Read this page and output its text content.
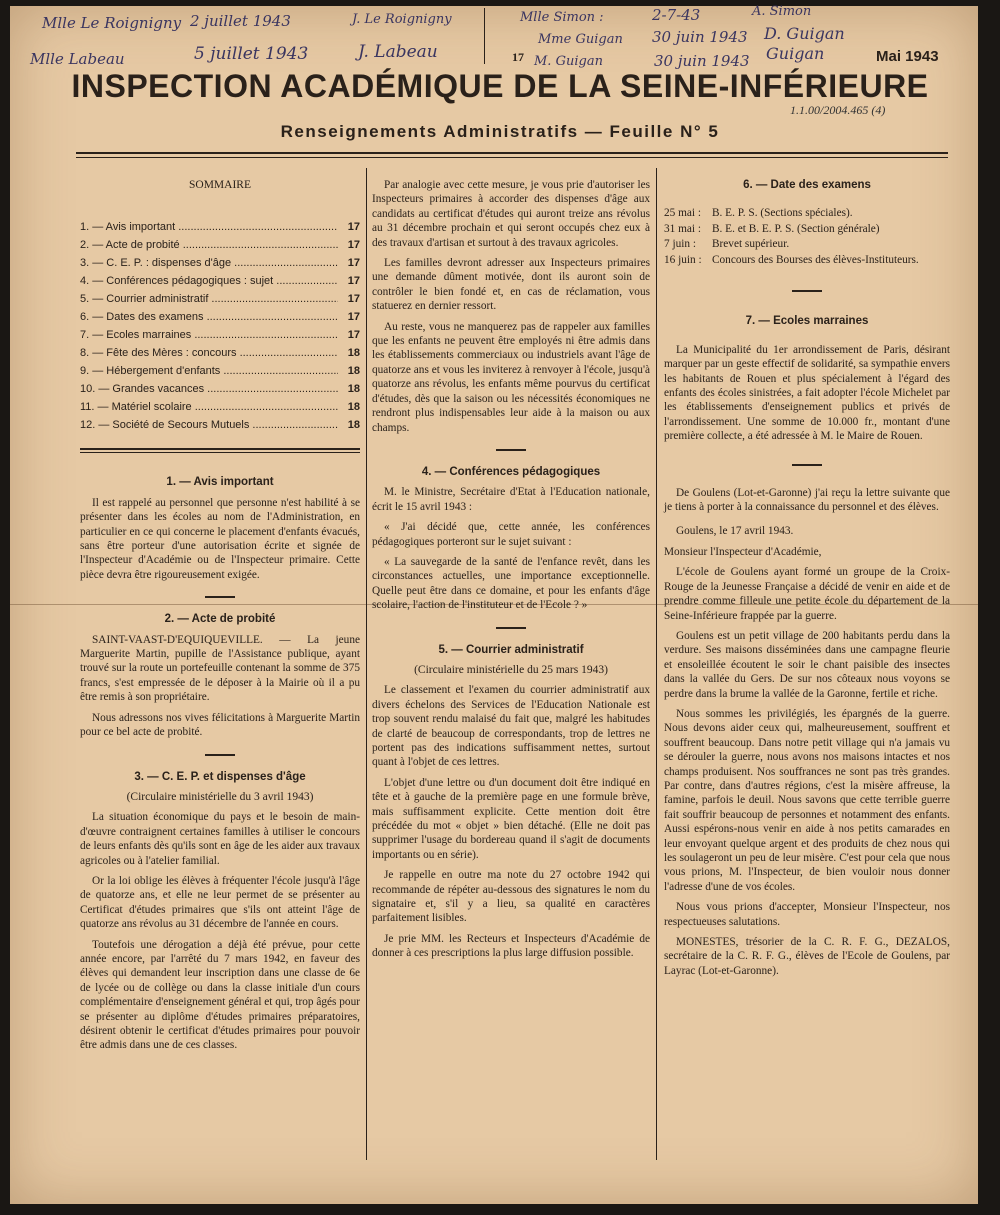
Mlle Le Roignigny 2 juillet 1943
Mlle Labeau	5 juillet 1943
J. Le Roignigny
J. Labeau
Mlle Simon :	2-7-43	A. Simon
Mme Guigan 30 juin 1943 D. Guigan
17 M. Guigan	30 juin 1943 Guigan	Mai 1943
INSPECTION ACADÉMIQUE DE LA SEINE-INFÉRIEURE
1.1.00/2004.465 (4)
Renseignements Administratifs — Feuille N° 5
SOMMAIRE
1. — Avis important .....	17
2. — Acte de probité .....	17
3. — C. E. P. : dispenses d'âge .....	17
4. — Conférences pédagogiques : sujet .....	17
5. — Courrier administratif .....	17
6. — Dates des examens .....	17
7. — Ecoles marraines .....	17
8. — Fête des Mères : concours .....	18
9. — Hébergement d'enfants .....	18
10. — Grandes vacances .....	18
11. — Matériel scolaire .....	18
12. — Société de Secours Mutuels .....	18
1. — Avis important

Il est rappelé au personnel que personne n'est habilité à se présenter dans les écoles au nom de l'Administration, en particulier en ce qui concerne le placement d'enfants évacués, sans être porteur d'une autorisation écrite et signée de l'Inspecteur d'Académie ou de l'Inspecteur primaire. Cette pièce devra être rigoureusement exigée.

2. — Acte de probité

SAINT-VAAST-D'EQUIQUEVILLE. — La jeune Marguerite Martin, pupille de l'Assistance publique, ayant trouvé sur la route un portefeuille contenant la somme de 375 francs, s'est empressée de le déposer à la Mairie où il a pu être remis à son propriétaire.

Nous adressons nos vives félicitations à Marguerite Martin pour ce bel acte de probité.

3. — C. E. P. et dispenses d'âge
(Circulaire ministérielle du 3 avril 1943)

La situation économique du pays et le besoin de main-d'œuvre contraignent certaines familles à utiliser le concours de leurs enfants dès qu'ils sont en âge de les aider aux travaux agricoles ou à l'atelier familial.

Or la loi oblige les élèves à fréquenter l'école jusqu'à l'âge de quatorze ans, et elle ne leur permet de se présenter au Certificat d'études primaires que s'ils ont atteint l'âge de quatorze ans révolus au 31 décembre de l'année en cours.

Toutefois une dérogation a déjà été prévue, pour cette année encore, par l'arrêté du 7 mars 1942, en faveur des élèves qui demandent leur inscription dans une classe de 6e de lycée ou de collège ou dans la classe initiale d'un cours complémentaire d'enseignement général et qui, trop âgés pour se présenter au diplôme d'études primaires préparatoires, désirent obtenir le certificat d'études primaires pour pouvoir être admis dans une de ces classes.

Par analogie avec cette mesure, je vous prie d'autoriser les Inspecteurs primaires à accorder des dispenses d'âge aux candidats au certificat d'études qui auront treize ans révolus au 31 décembre prochain et qui seront occupés chez eux à des travaux d'artisan et surtout à des travaux agricoles.

Les familles devront adresser aux Inspecteurs primaires une demande dûment motivée, dont ils auront soin de contrôler le bien fondé et, en cas de réclamation, vous statuerez en dernier ressort.

Au reste, vous ne manquerez pas de rappeler aux familles que les enfants ne peuvent être employés ni être admis dans les établissements commerciaux ou industriels avant l'âge de quatorze ans et vous les inviterez à renvoyer à l'école, jusqu'à quatorze ans révolus, les enfants même pourvus du certificat d'études, dès que la saison ou les nécessités économiques ne rendront plus indispensables leur aide à la maison ou aux champs.

4. — Conférences pédagogiques

M. le Ministre, Secrétaire d'Etat à l'Education nationale, écrit le 15 avril 1943 :

« J'ai décidé que, cette année, les conférences pédagogiques porteront sur le sujet suivant :

« La sauvegarde de la santé de l'enfance revêt, dans les circonstances actuelles, une importance exceptionnelle. Quelle peut être dans ce domaine, et pour les enfants d'âge scolaire, l'action de l'instituteur et de l'Ecole ? »

5. — Courrier administratif
(Circulaire ministérielle du 25 mars 1943)

Le classement et l'examen du courrier administratif aux divers échelons des Services de l'Education Nationale est trop souvent rendu malaisé du fait que, malgré les habitudes de clarté de beaucoup de correspondants, trop de lettres ne portent pas des indications suffisamment nettes, surtout quant à l'objet de ces lettres.

L'objet d'une lettre ou d'un document doit être indiqué en tête et à gauche de la première page en une formule brève, mais suffisamment explicite. Cette mention doit être précédée du mot « objet » bien détaché. (Elle ne doit pas supprimer l'usage du bordereau quand il s'agit de documents importants ou en série).

Je rappelle en outre ma note du 27 octobre 1942 qui recommande de répéter au-dessous des signatures le nom du signataire et, s'il y a lieu, sa qualité en caractères parfaitement lisibles.

Je prie MM. les Recteurs et Inspecteurs d'Académie de donner à ces prescriptions la plus large diffusion possible.

6. — Date des examens
25 mai : B. E. P. S. (Sections spéciales).
31 mai : B. E. et B. E. P. S. (Section générale)
7 juin :	Brevet supérieur.
16 juin : Concours des Bourses des élèves-Instituteurs.
7. — Ecoles marraines

La Municipalité du 1er arrondissement de Paris, désirant marquer par un geste effectif de solidarité, sa sympathie envers les habitants de Rouen et plus spécialement à l'égard des enfants des écoles sinistrées, a fait adopter l'école Michelet par les établissements d'enseignement publics et privés de l'arrondissement. Une somme de 10.000 fr., montant d'une première collecte, a été adressée à M. le Maire de Rouen.

De Goulens (Lot-et-Garonne) j'ai reçu la lettre suivante que je tiens à porter à la connaissance du personnel et des élèves.

Goulens, le 17 avril 1943.

Monsieur l'Inspecteur d'Académie,

L'école de Goulens ayant formé un groupe de la Croix-Rouge de la Jeunesse Française a décidé de venir en aide et de prendre comme filleule une petite école du département de la Seine-Inférieure frappée par la guerre.

Goulens est un petit village de 200 habitants perdu dans la verdure. Ses maisons disséminées dans une campagne fleurie et ensoleillée écoutent le soir le chant paisible des insectes dans la vallée du Gers. De sur nos côteaux nous voyons se perdre dans la brume la vallée de la Garonne, fertile et riche.

Nous sommes les privilégiés, les épargnés de la guerre. Nous devons aider ceux qui, malheureusement, souffrent et souffrent beaucoup. Dans notre petit village qui n'a jamais vu se dérouler la guerre, nous avons nos maisons intactes et nos champs produisent. Nos souffrances ne sont pas très grandes. Par contre, dans d'autres régions, c'est la misère affreuse, la famine, parfois le deuil. Nous savons que cette terrible guerre fait souffrir beaucoup de personnes et notamment des enfants. Aussi espérons-nous venir en aide à nos petits camarades en leur envoyant quelque argent et des produits de chez nous qui les soulageront un peu de leur misère. C'est pour cela que nous vous prions, M. l'Inspecteur, de bien vouloir nous donner l'adresse d'une de vos écoles.

Nous vous prions d'accepter, Monsieur l'Inspecteur, nos respectueuses salutations.

MONESTES, trésorier de la C. R. F. G., DEZALOS, secrétaire de la C. R. F. G., élèves de l'Ecole de Goulens, par Layrac (Lot-et-Garonne).
